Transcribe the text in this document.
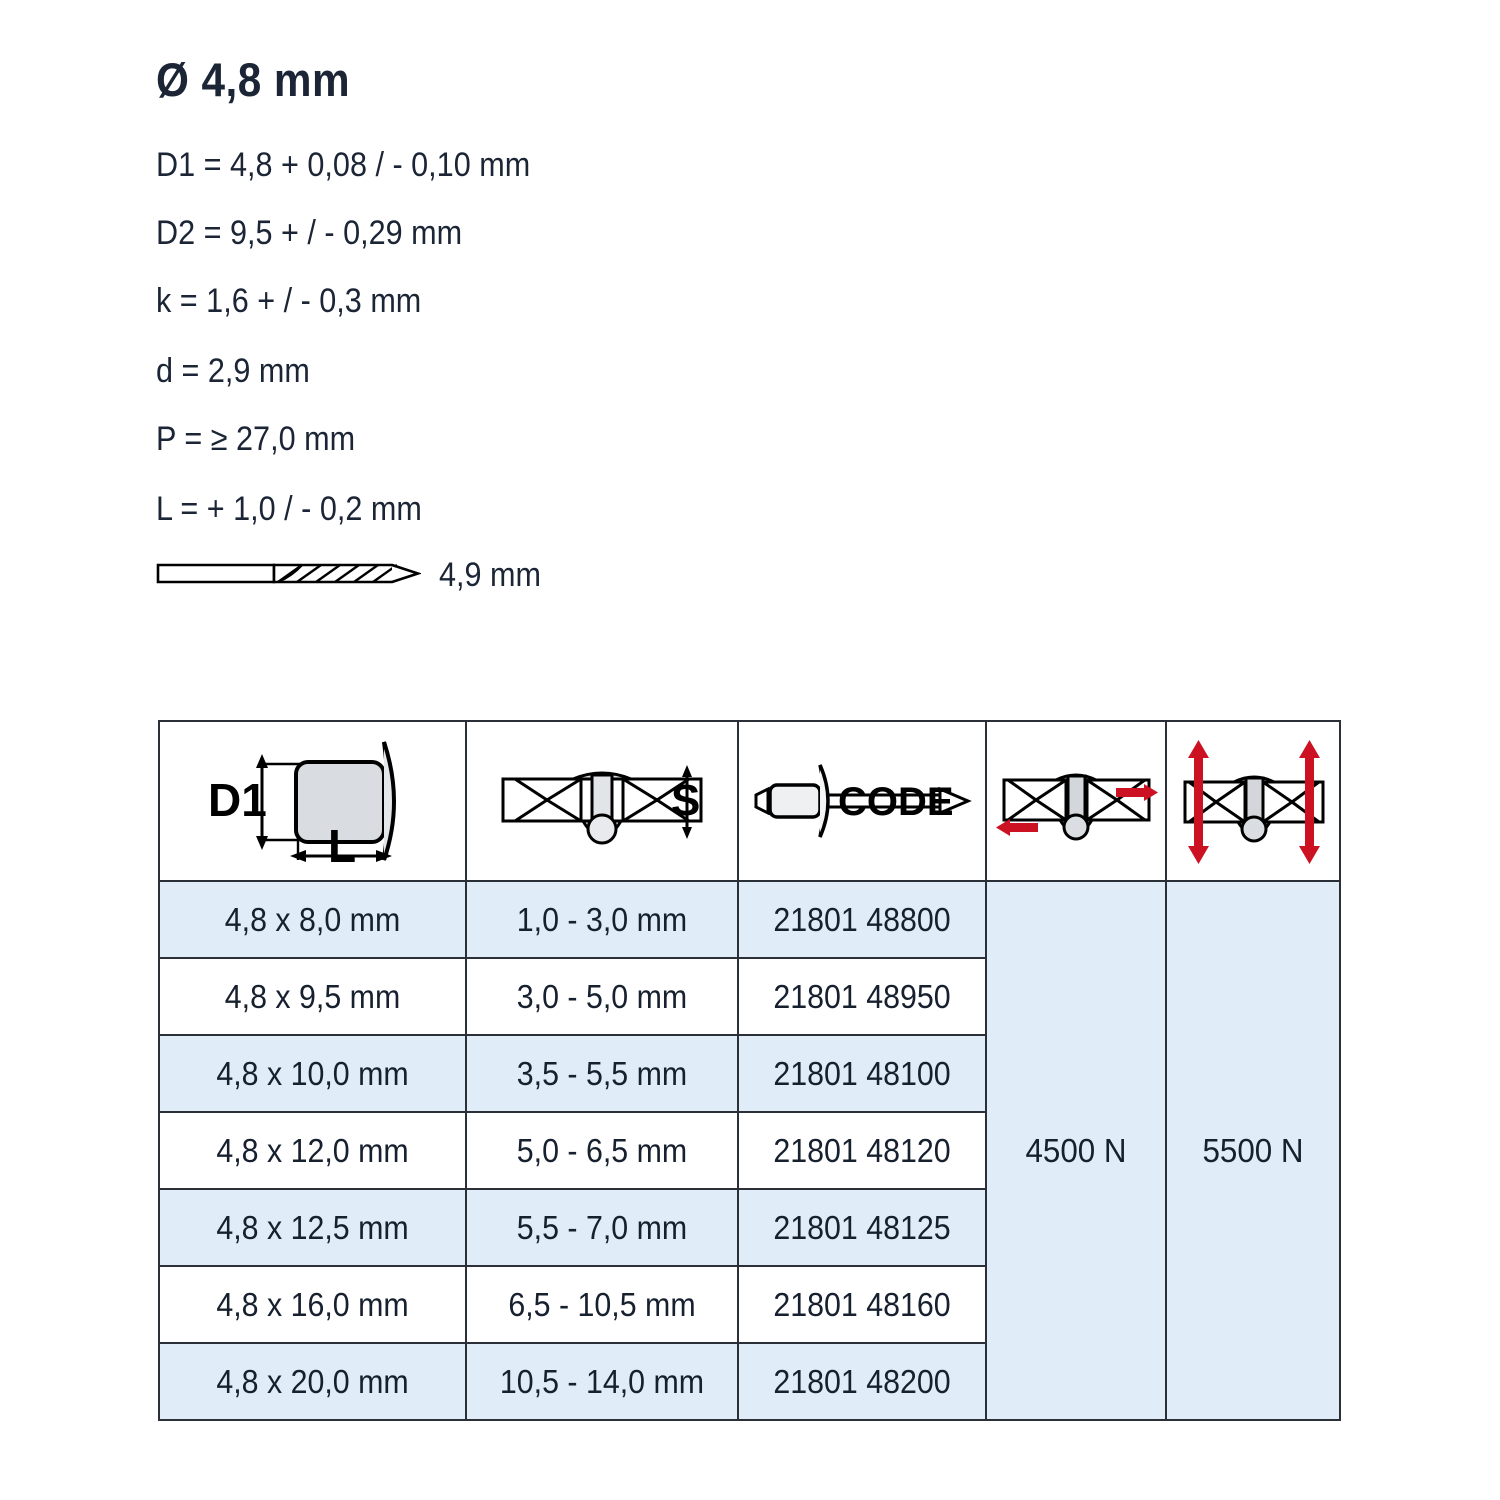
Ø 4,8 mm
D1 = 4,8 + 0,08 / - 0,10 mm
D2 = 9,5 + / - 0,29 mm
k = 1,6 + / - 0,3 mm
d = 2,9 mm
P = ≥ 27,0 mm
L = + 1,0 / - 0,2 mm
4,9 mm
D1
L	S	CODE

4,8 x 8,0 mm	1,0 - 3,0 mm	21801 48800	4500 N	5500 N

4,8 x 9,5 mm	3,0 - 5,0 mm	21801 48950		

4,8 x 10,0 mm	3,5 - 5,5 mm	21801 48100		

4,8 x 12,0 mm	5,0 - 6,5 mm	21801 48120		

4,8 x 12,5 mm	5,5 - 7,0 mm	21801 48125		

4,8 x 16,0 mm	6,5 - 10,5 mm	21801 48160		

4,8 x 20,0 mm	10,5 - 14,0 mm	21801 48200		
